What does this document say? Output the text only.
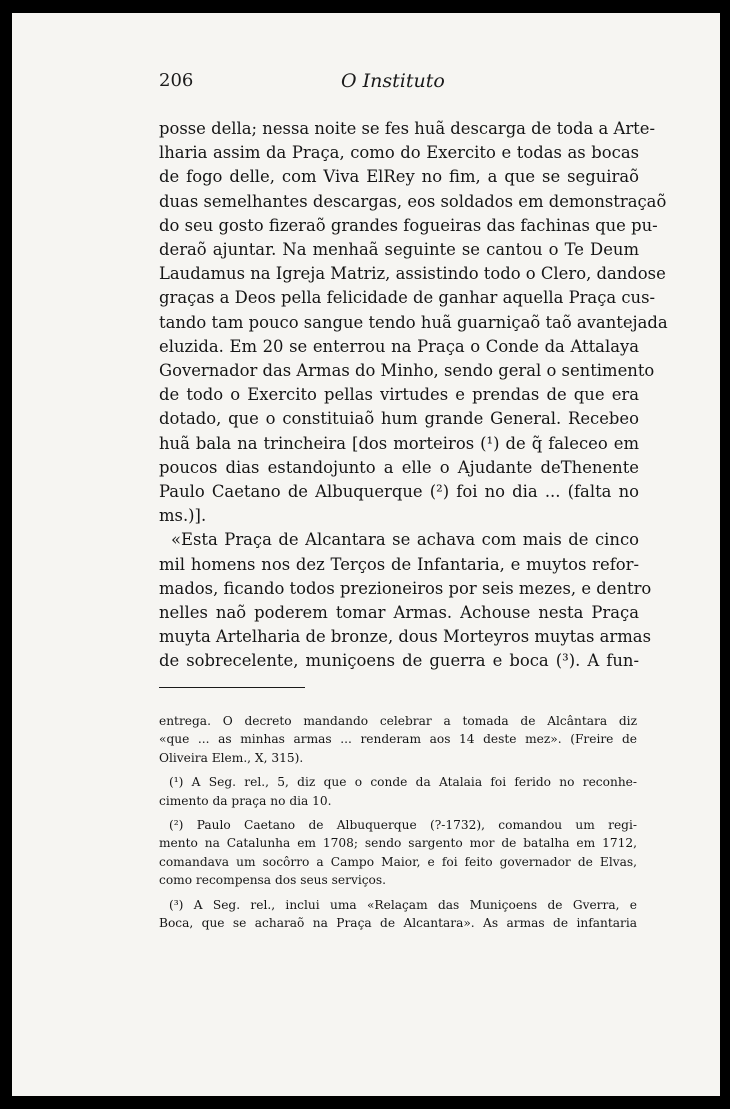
206	O Instituto
posse della; nessa noite se fes huã descarga de toda a Arte-
lharia assim da Praça, como do Exercito e todas as bocas
de fogo delle, com Viva ElRey no fim, a que se seguiraõ
duas semelhantes descargas, eos soldados em demonstraçaõ
do seu gosto fizeraõ grandes fogueiras das fachinas que pu-
deraõ ajuntar. Na menhaã seguinte se cantou o Te Deum
Laudamus na Igreja Matriz, assistindo todo o Clero, dandose
graças a Deos pella felicidade de ganhar aquella Praça cus-
tando tam pouco sangue tendo huã guarniçaõ taõ avantejada
eluzida. Em 20 se enterrou na Praça o Conde da Attalaya
Governador das Armas do Minho, sendo geral o sentimento
de todo o Exercito pellas virtudes e prendas de que era
dotado, que o constituiaõ hum grande General. Recebeo
huã bala na trincheira [dos morteiros (¹) de q̃ faleceo em
poucos dias estandojunto a elle o Ajudante deThenente
Paulo Caetano de Albuquerque (²) foi no dia ... (falta no
ms.)].
«Esta Praça de Alcantara se achava com mais de cinco
mil homens nos dez Terços de Infantaria, e muytos refor-
mados, ficando todos prezioneiros por seis mezes, e dentro
nelles naõ poderem tomar Armas. Achouse nesta Praça
muyta Artelharia de bronze, dous Morteyros muytas armas
de sobrecelente, muniçoens de guerra e boca (³). A fun-
entrega. O decreto mandando celebrar a tomada de Alcântara diz
«que ... as minhas armas ... renderam aos 14 deste mez». (Freire de
Oliveira Elem., X, 315).
(¹) A Seg. rel., 5, diz que o conde da Atalaia foi ferido no reconhe-
cimento da praça no dia 10.
(²) Paulo Caetano de Albuquerque (?-1732), comandou um regi-
mento na Catalunha em 1708; sendo sargento mor de batalha em 1712,
comandava um socôrro a Campo Maior, e foi feito governador de Elvas,
como recompensa dos seus serviços.
(³) A Seg. rel., inclui uma «Relaçam das Muniçoens de Gverra, e
Boca, que se acharaõ na Praça de Alcantara». As armas de infantaria
